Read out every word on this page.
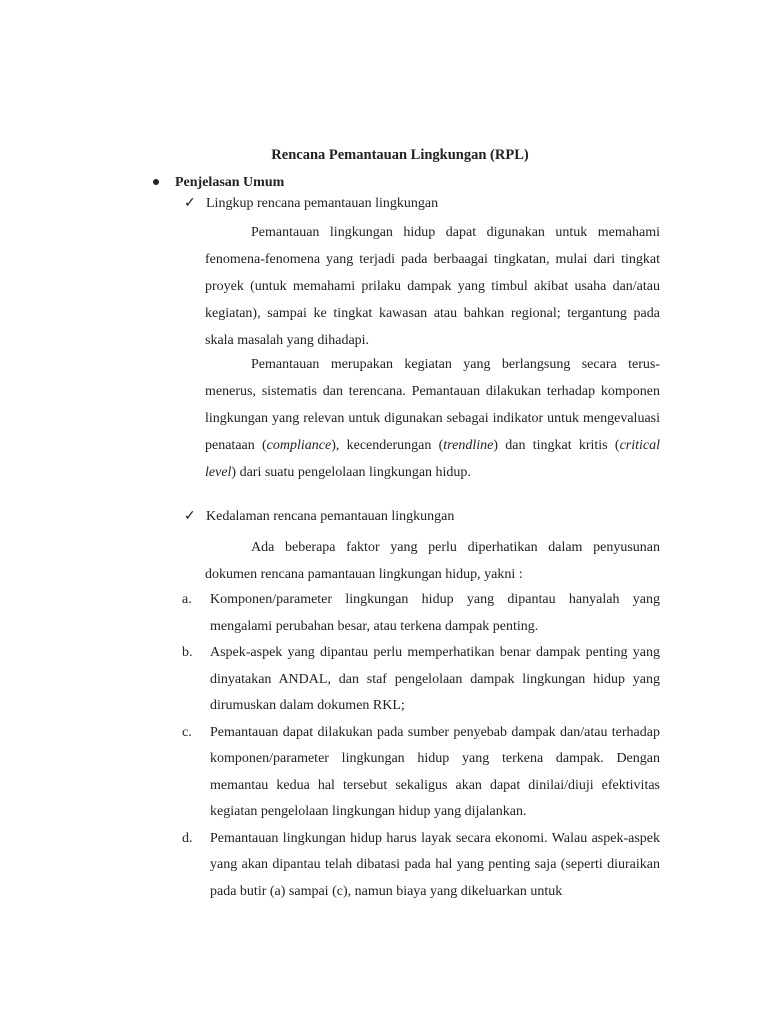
Rencana Pemantauan Lingkungan (RPL)
Penjelasan Umum
✓ Lingkup rencana pemantauan lingkungan
Pemantauan lingkungan hidup dapat digunakan untuk memahami fenomena-fenomena yang terjadi pada berbaagai tingkatan, mulai dari tingkat proyek (untuk memahami prilaku dampak yang timbul akibat usaha dan/atau kegiatan), sampai ke tingkat kawasan atau bahkan regional; tergantung pada skala masalah yang dihadapi.
Pemantauan merupakan kegiatan yang berlangsung secara terus-menerus, sistematis dan terencana. Pemantauan dilakukan terhadap komponen lingkungan yang relevan untuk digunakan sebagai indikator untuk mengevaluasi penataan (compliance), kecenderungan (trendline) dan tingkat kritis (critical level) dari suatu pengelolaan lingkungan hidup.
✓ Kedalaman rencana pemantauan lingkungan
Ada beberapa faktor yang perlu diperhatikan dalam penyusunan dokumen rencana pamantauan lingkungan hidup, yakni :
a. Komponen/parameter lingkungan hidup yang dipantau hanyalah yang mengalami perubahan besar, atau terkena dampak penting.
b. Aspek-aspek yang dipantau perlu memperhatikan benar dampak penting yang dinyatakan ANDAL, dan staf pengelolaan dampak lingkungan hidup yang dirumuskan dalam dokumen RKL;
c. Pemantauan dapat dilakukan pada sumber penyebab dampak dan/atau terhadap komponen/parameter lingkungan hidup yang terkena dampak. Dengan memantau kedua hal tersebut sekaligus akan dapat dinilai/diuji efektivitas kegiatan pengelolaan lingkungan hidup yang dijalankan.
d. Pemantauan lingkungan hidup harus layak secara ekonomi. Walau aspek-aspek yang akan dipantau telah dibatasi pada hal yang penting saja (seperti diuraikan pada butir (a) sampai (c), namun biaya yang dikeluarkan untuk
